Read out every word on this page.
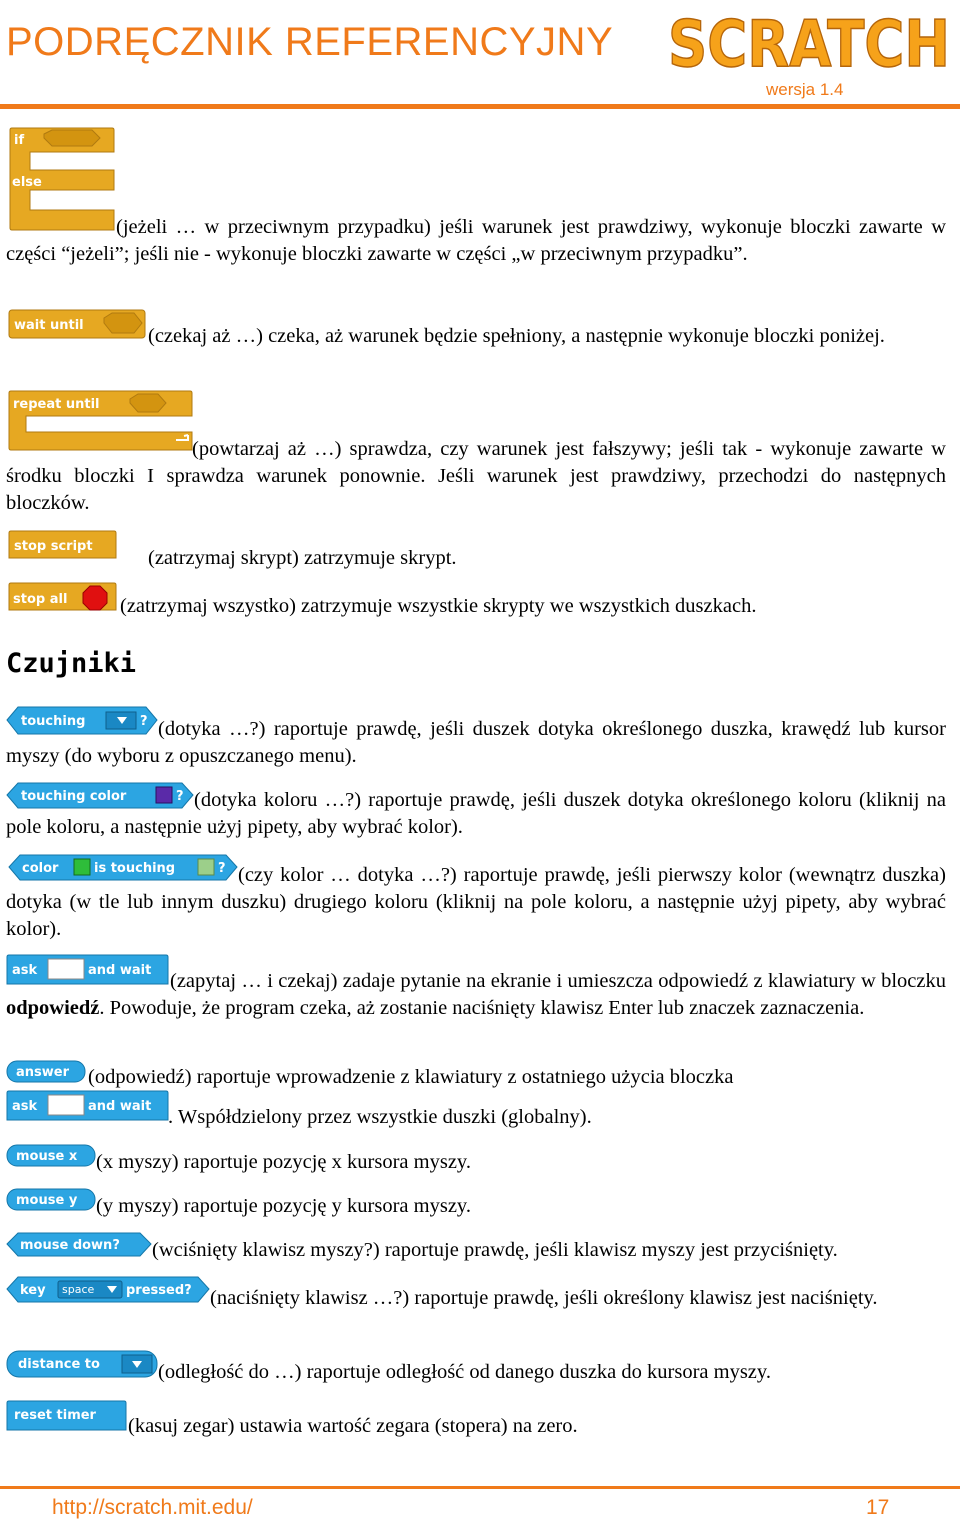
PODRĘCZNIK REFERENCYJNY SCRATCH
wersja 1.4
if
else
(jeżeli … w przeciwnym przypadku) jeśli warunek jest prawdziwy, wykonuje bloczki zawarte w części “jeżeli”; jeśli nie - wykonuje bloczki zawarte w części „w przeciwnym przypadku”.
wait until	(czekaj aż …) czeka, aż warunek będzie spełniony, a następnie wykonuje bloczki poniżej.
repeat until
(powtarzaj aż …) sprawdza, czy warunek jest fałszywy; jeśli tak - wykonuje zawarte w środku bloczki I sprawdza warunek ponownie. Jeśli warunek jest prawdziwy, przechodzi do następnych bloczków.
stop script
(zatrzymaj skrypt) zatrzymuje skrypt.
stop all	(zatrzymaj wszystko) zatrzymuje wszystkie skrypty we wszystkich duszkach.
Czujniki
touching	? (dotyka …?) raportuje prawdę, jeśli duszek dotyka określonego duszka, krawędź lub kursor myszy (do wyboru z opuszczanego menu).
touching color	? (dotyka koloru …?) raportuje prawdę, jeśli duszek dotyka określonego koloru (kliknij na pole koloru, a następnie użyj pipety, aby wybrać kolor).
color	is touching	? (czy kolor … dotyka …?) raportuje prawdę, jeśli pierwszy kolor (wewnątrz duszka) dotyka (w tle lub innym duszku) drugiego koloru (kliknij na pole koloru, a następnie użyj pipety, aby wybrać kolor).
ask	and wait (zapytaj … i czekaj) zadaje pytanie na ekranie i umieszcza odpowiedź z klawiatury w bloczku odpowiedź. Powoduje, że program czeka, aż zostanie naciśnięty klawisz Enter lub znaczek zaznaczenia.
answer (odpowiedź) raportuje wprowadzenie z klawiatury z ostatniego użycia bloczka
ask	and wait . Współdzielony przez wszystkie duszki (globalny).
mouse x (x myszy) raportuje pozycję x kursora myszy.
mouse y (y myszy) raportuje pozycję y kursora myszy.
mouse down? (wciśnięty klawisz myszy?) raportuje prawdę, jeśli klawisz myszy jest przyciśnięty.
key space pressed? (naciśnięty klawisz …?) raportuje prawdę, jeśli określony klawisz jest naciśnięty.
distance to	(odległość do …) raportuje odległość od danego duszka do kursora myszy.
reset timer (kasuj zegar) ustawia wartość zegara (stopera) na zero.
http://scratch.mit.edu/	17
